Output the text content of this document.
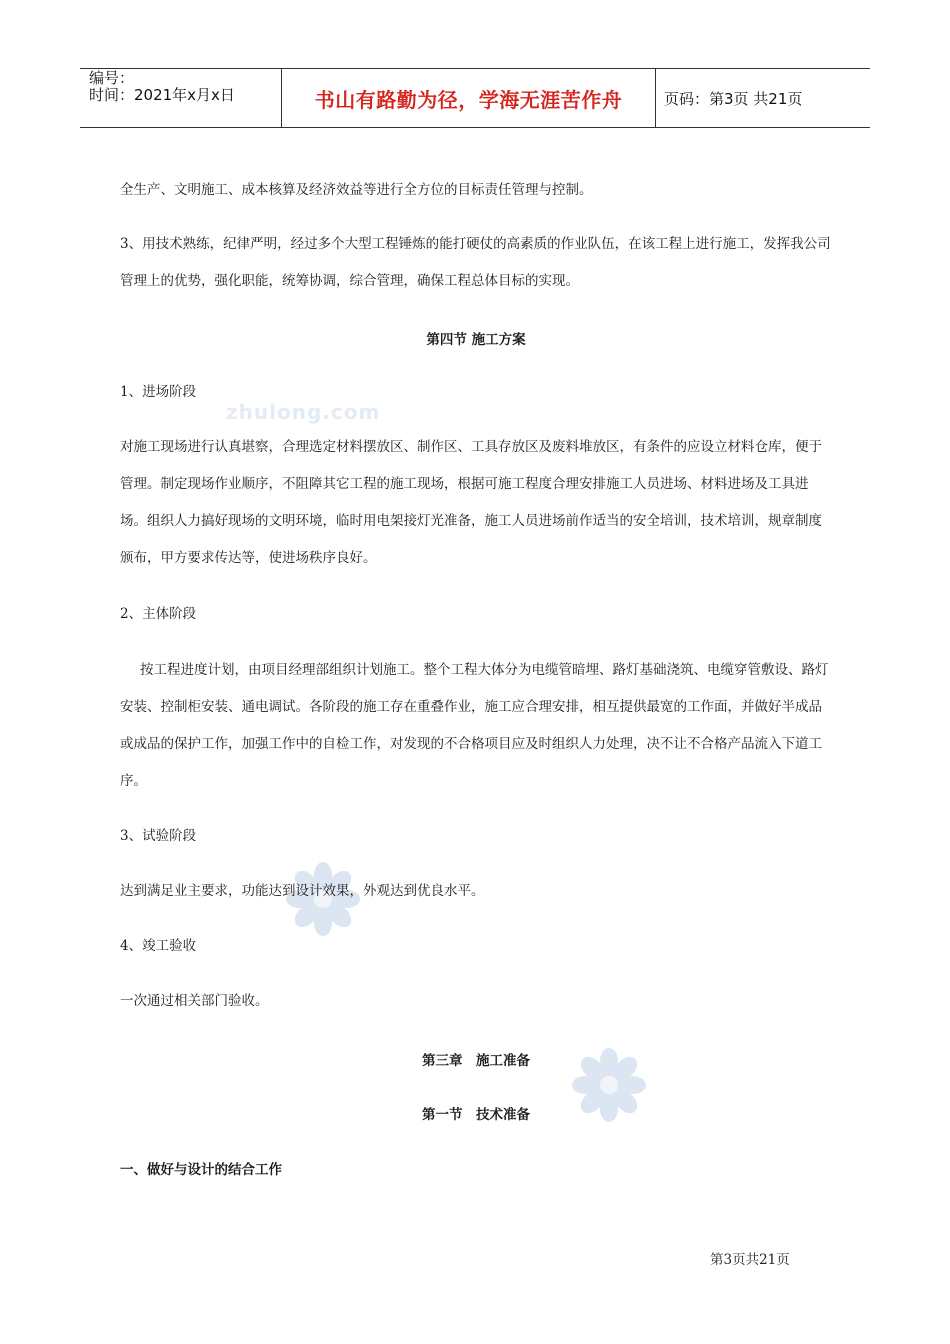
编号：
时间：2021年x月x日	书山有路勤为径，学海无涯苦作舟	页码：第3页 共21页
zhulong.com

全生产、文明施工、成本核算及经济效益等进行全方位的目标责任管理与控制。

3、用技术熟练，纪律严明，经过多个大型工程锤炼的能打硬仗的高素质的作业队伍，在该工程上进行施工，发挥我公司管理上的优势，强化职能，统筹协调，综合管理，确保工程总体目标的实现。

第四节 施工方案

1、进场阶段

对施工现场进行认真堪察，合理选定材料摆放区、制作区、工具存放区及废料堆放区，有条件的应设立材料仓库，便于管理。制定现场作业顺序，不阻障其它工程的施工现场，根据可施工程度合理安排施工人员进场、材料进场及工具进场。组织人力搞好现场的文明环境，临时用电架接灯光准备，施工人员进场前作适当的安全培训，技术培训，规章制度颁布，甲方要求传达等，使进场秩序良好。

2、主体阶段

按工程进度计划，由项目经理部组织计划施工。整个工程大体分为电缆管暗埋、路灯基础浇筑、电缆穿管敷设、路灯安装、控制柜安装、通电调试。各阶段的施工存在重叠作业，施工应合理安排，相互提供最宽的工作面，并做好半成品或成品的保护工作，加强工作中的自检工作，对发现的不合格项目应及时组织人力处理，决不让不合格产品流入下道工序。

3、试验阶段

达到满足业主要求，功能达到设计效果，外观达到优良水平。

4、竣工验收

一次通过相关部门验收。

第三章　施工准备
第一节　技术准备
一、做好与设计的结合工作
第3页共21页
